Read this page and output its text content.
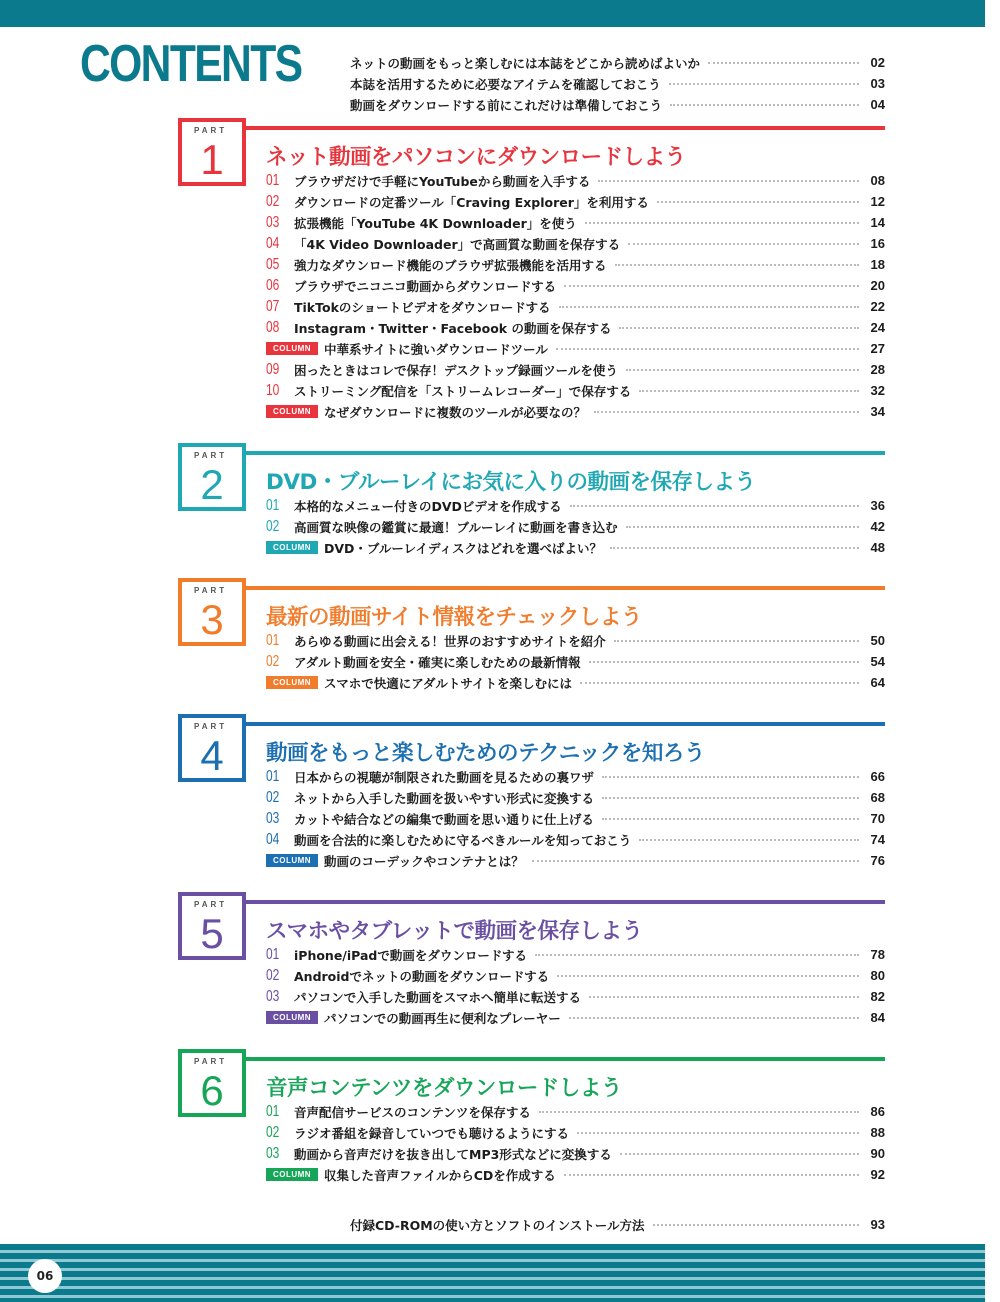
CONTENTS	ネットの動画をもっと楽しむには本誌をどこから読めばよいか	02
本誌を活用するために必要なアイテムを確認しておこう	03
動画をダウンロードする前にこれだけは準備しておこう	04
PART
1	ネット動画をパソコンにダウンロードしよう
01	ブラウザだけで手軽にYouTubeから動画を入手する	08
02	ダウンロードの定番ツール「Craving Explorer」を利用する	12
03	拡張機能「YouTube 4K Downloader」を使う	14
04	「4K Video Downloader」で高画質な動画を保存する	16
05	強力なダウンロード機能のブラウザ拡張機能を活用する	18
06	ブラウザでニコニコ動画からダウンロードする	20
07	TikTokのショートビデオをダウンロードする	22
08	Instagram・Twitter・Facebook の動画を保存する	24
COLUMN	中華系サイトに強いダウンロードツール	27
09	困ったときはコレで保存！デスクトップ録画ツールを使う	28
10	ストリーミング配信を「ストリームレコーダー」で保存する	32
COLUMN	なぜダウンロードに複数のツールが必要なの？	34
PART
2	DVD・ブルーレイにお気に入りの動画を保存しよう
01	本格的なメニュー付きのDVDビデオを作成する	36
02	高画質な映像の鑑賞に最適！ブルーレイに動画を書き込む	42
COLUMN	DVD・ブルーレイディスクはどれを選べばよい？	48
PART
3	最新の動画サイト情報をチェックしよう
01	あらゆる動画に出会える！世界のおすすめサイトを紹介	50
02	アダルト動画を安全・確実に楽しむための最新情報	54
COLUMN	スマホで快適にアダルトサイトを楽しむには	64
PART
4	動画をもっと楽しむためのテクニックを知ろう
01	日本からの視聴が制限された動画を見るための裏ワザ	66
02	ネットから入手した動画を扱いやすい形式に変換する	68
03	カットや結合などの編集で動画を思い通りに仕上げる	70
04	動画を合法的に楽しむために守るべきルールを知っておこう	74
COLUMN	動画のコーデックやコンテナとは？	76
PART
5	スマホやタブレットで動画を保存しよう
01	iPhone/iPadで動画をダウンロードする	78
02	Androidでネットの動画をダウンロードする	80
03	パソコンで入手した動画をスマホへ簡単に転送する	82
COLUMN	パソコンでの動画再生に便利なプレーヤー	84
PART
6	音声コンテンツをダウンロードしよう
01	音声配信サービスのコンテンツを保存する	86
02	ラジオ番組を録音していつでも聴けるようにする	88
03	動画から音声だけを抜き出してMP3形式などに変換する	90
COLUMN	収集した音声ファイルからCDを作成する	92
付録CD-ROMの使い方とソフトのインストール方法	93
06
